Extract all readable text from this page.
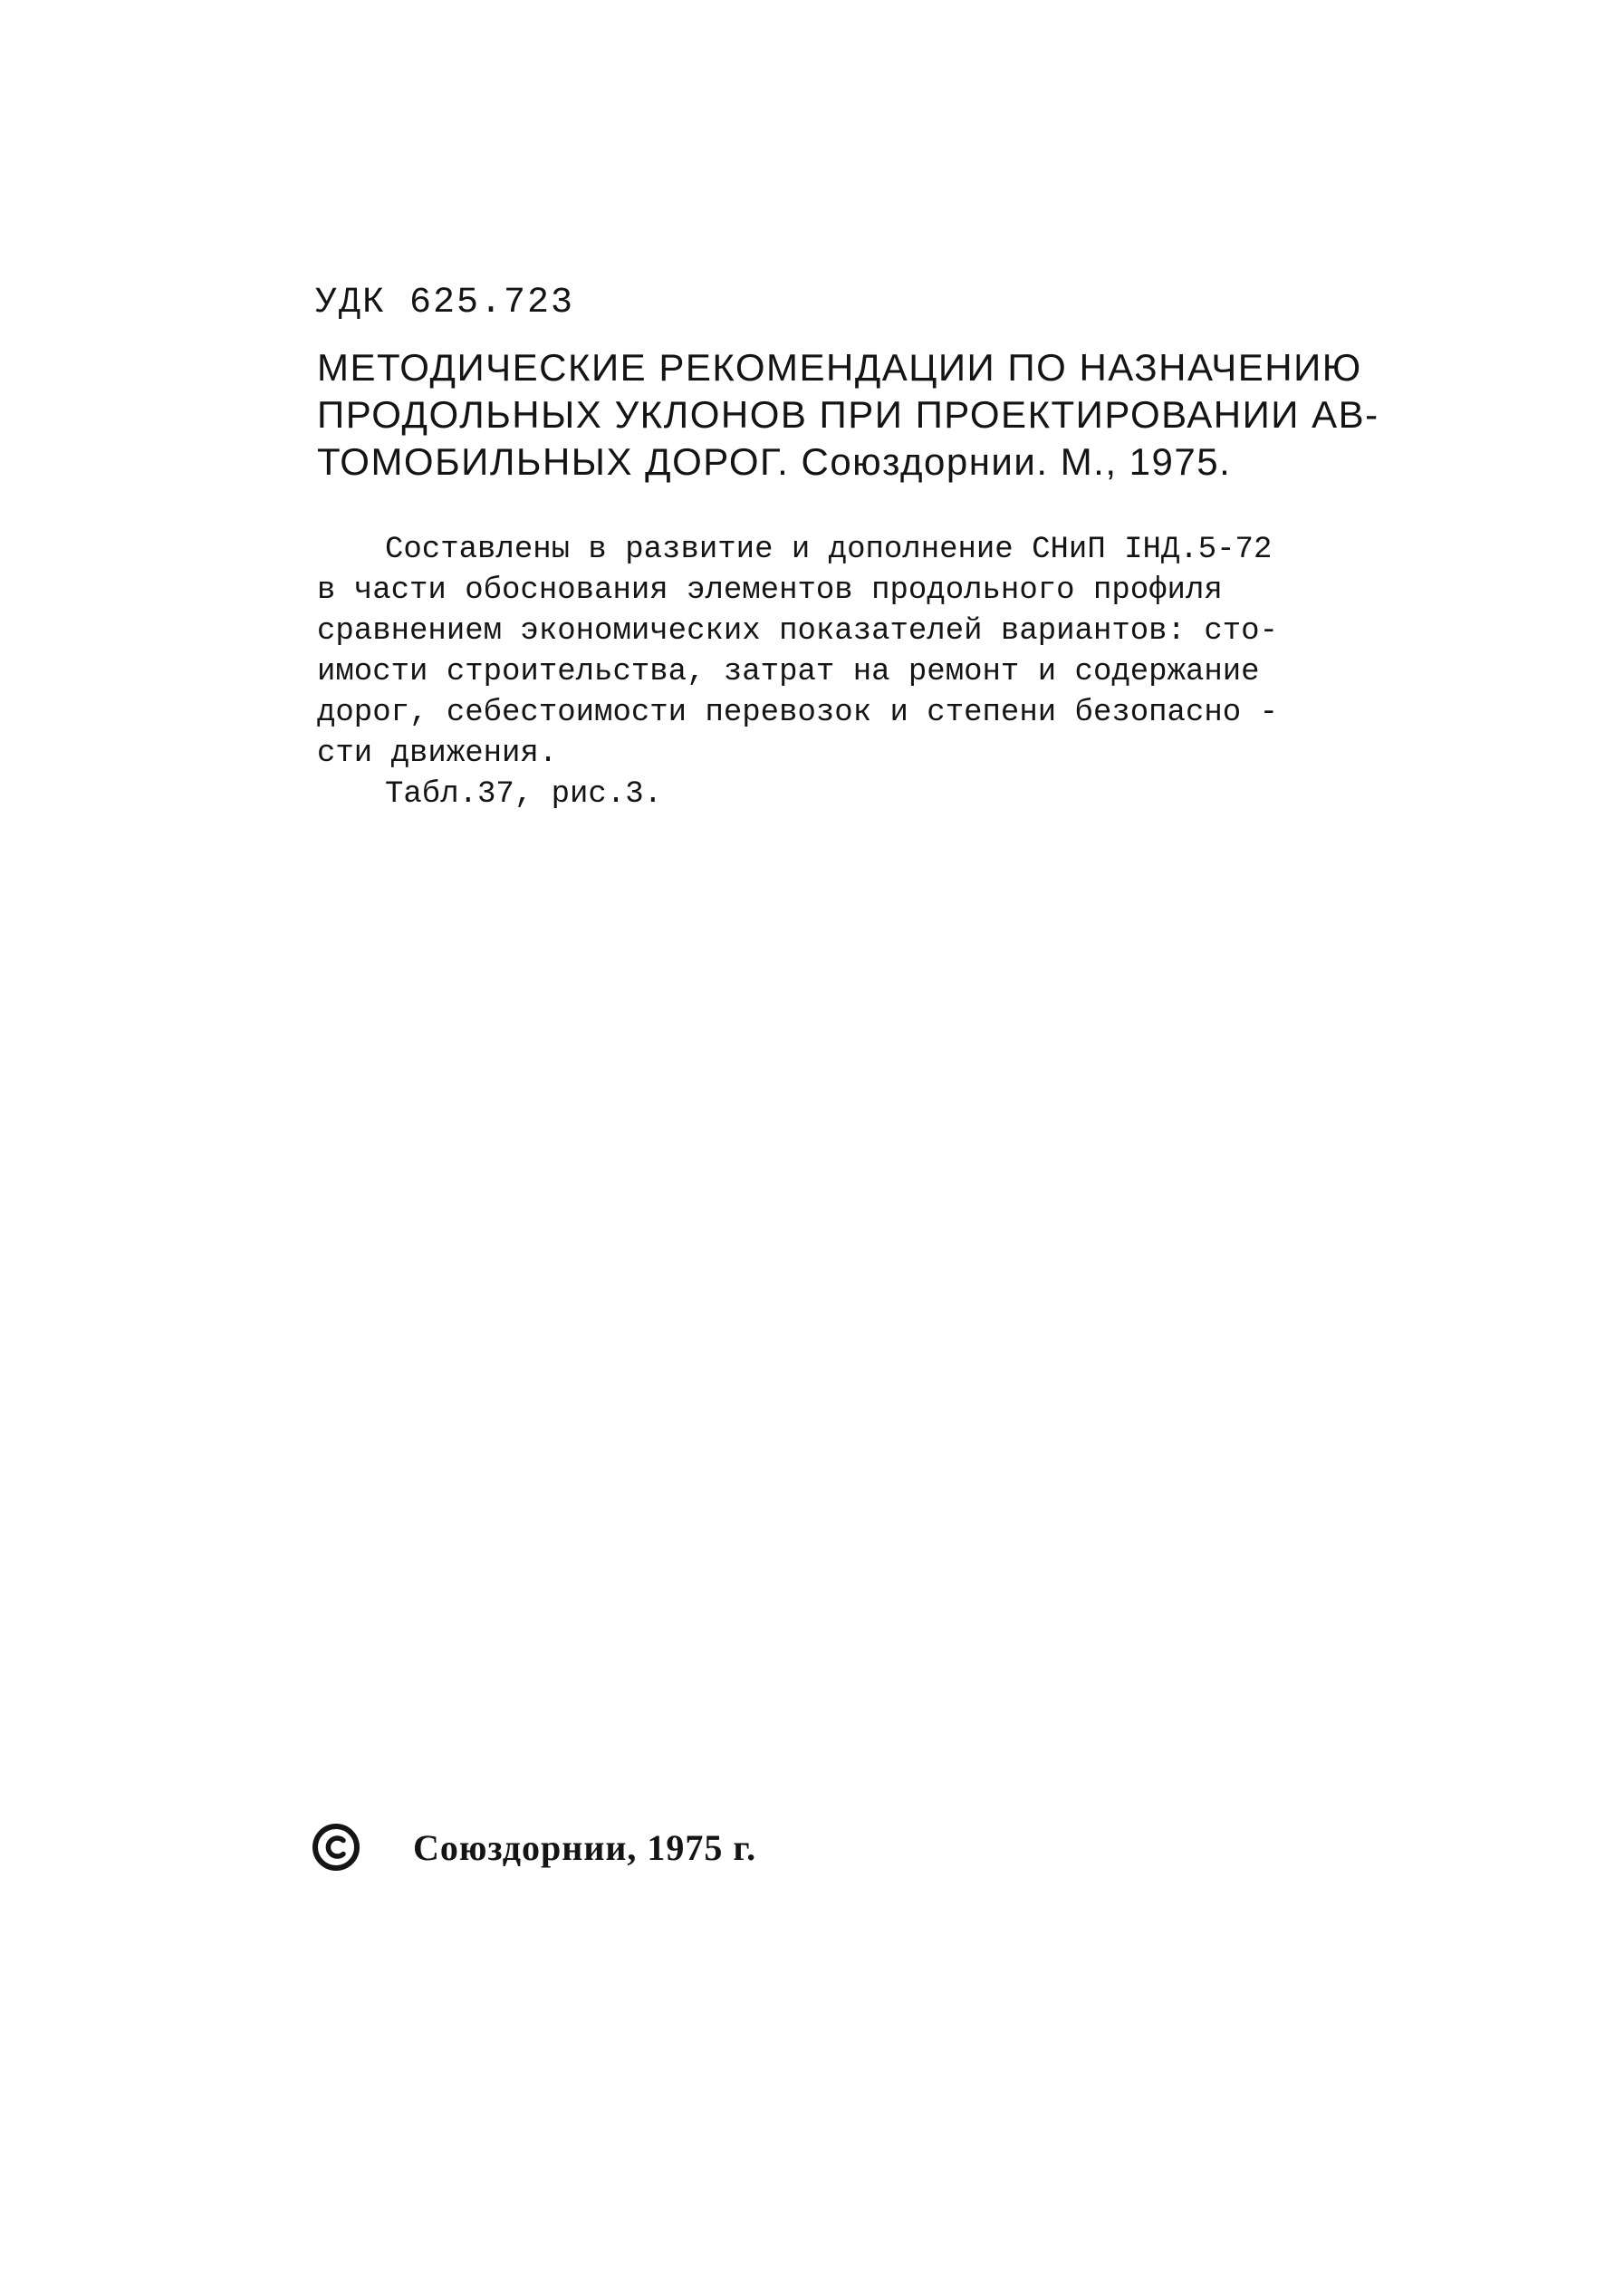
УДК 625.723
МЕТОДИЧЕСКИЕ РЕКОМЕНДАЦИИ ПО НАЗНАЧЕНИЮ
ПРОДОЛЬНЫХ УКЛОНОВ ПРИ ПРОЕКТИРОВАНИИ АВ-
ТОМОБИЛЬНЫХ ДОРОГ. Союздорнии. М., 1975.
Составлены в развитие и дополнение СНиП IНД.5-72
в части обоснования элементов продольного профиля
сравнением экономических показателей вариантов: сто-
имости строительства, затрат на ремонт и содержание
дорог, себестоимости перевозок и степени безопасно -
сти движения.
Табл.37, рис.3.
Союздорнии, 1975 г.
